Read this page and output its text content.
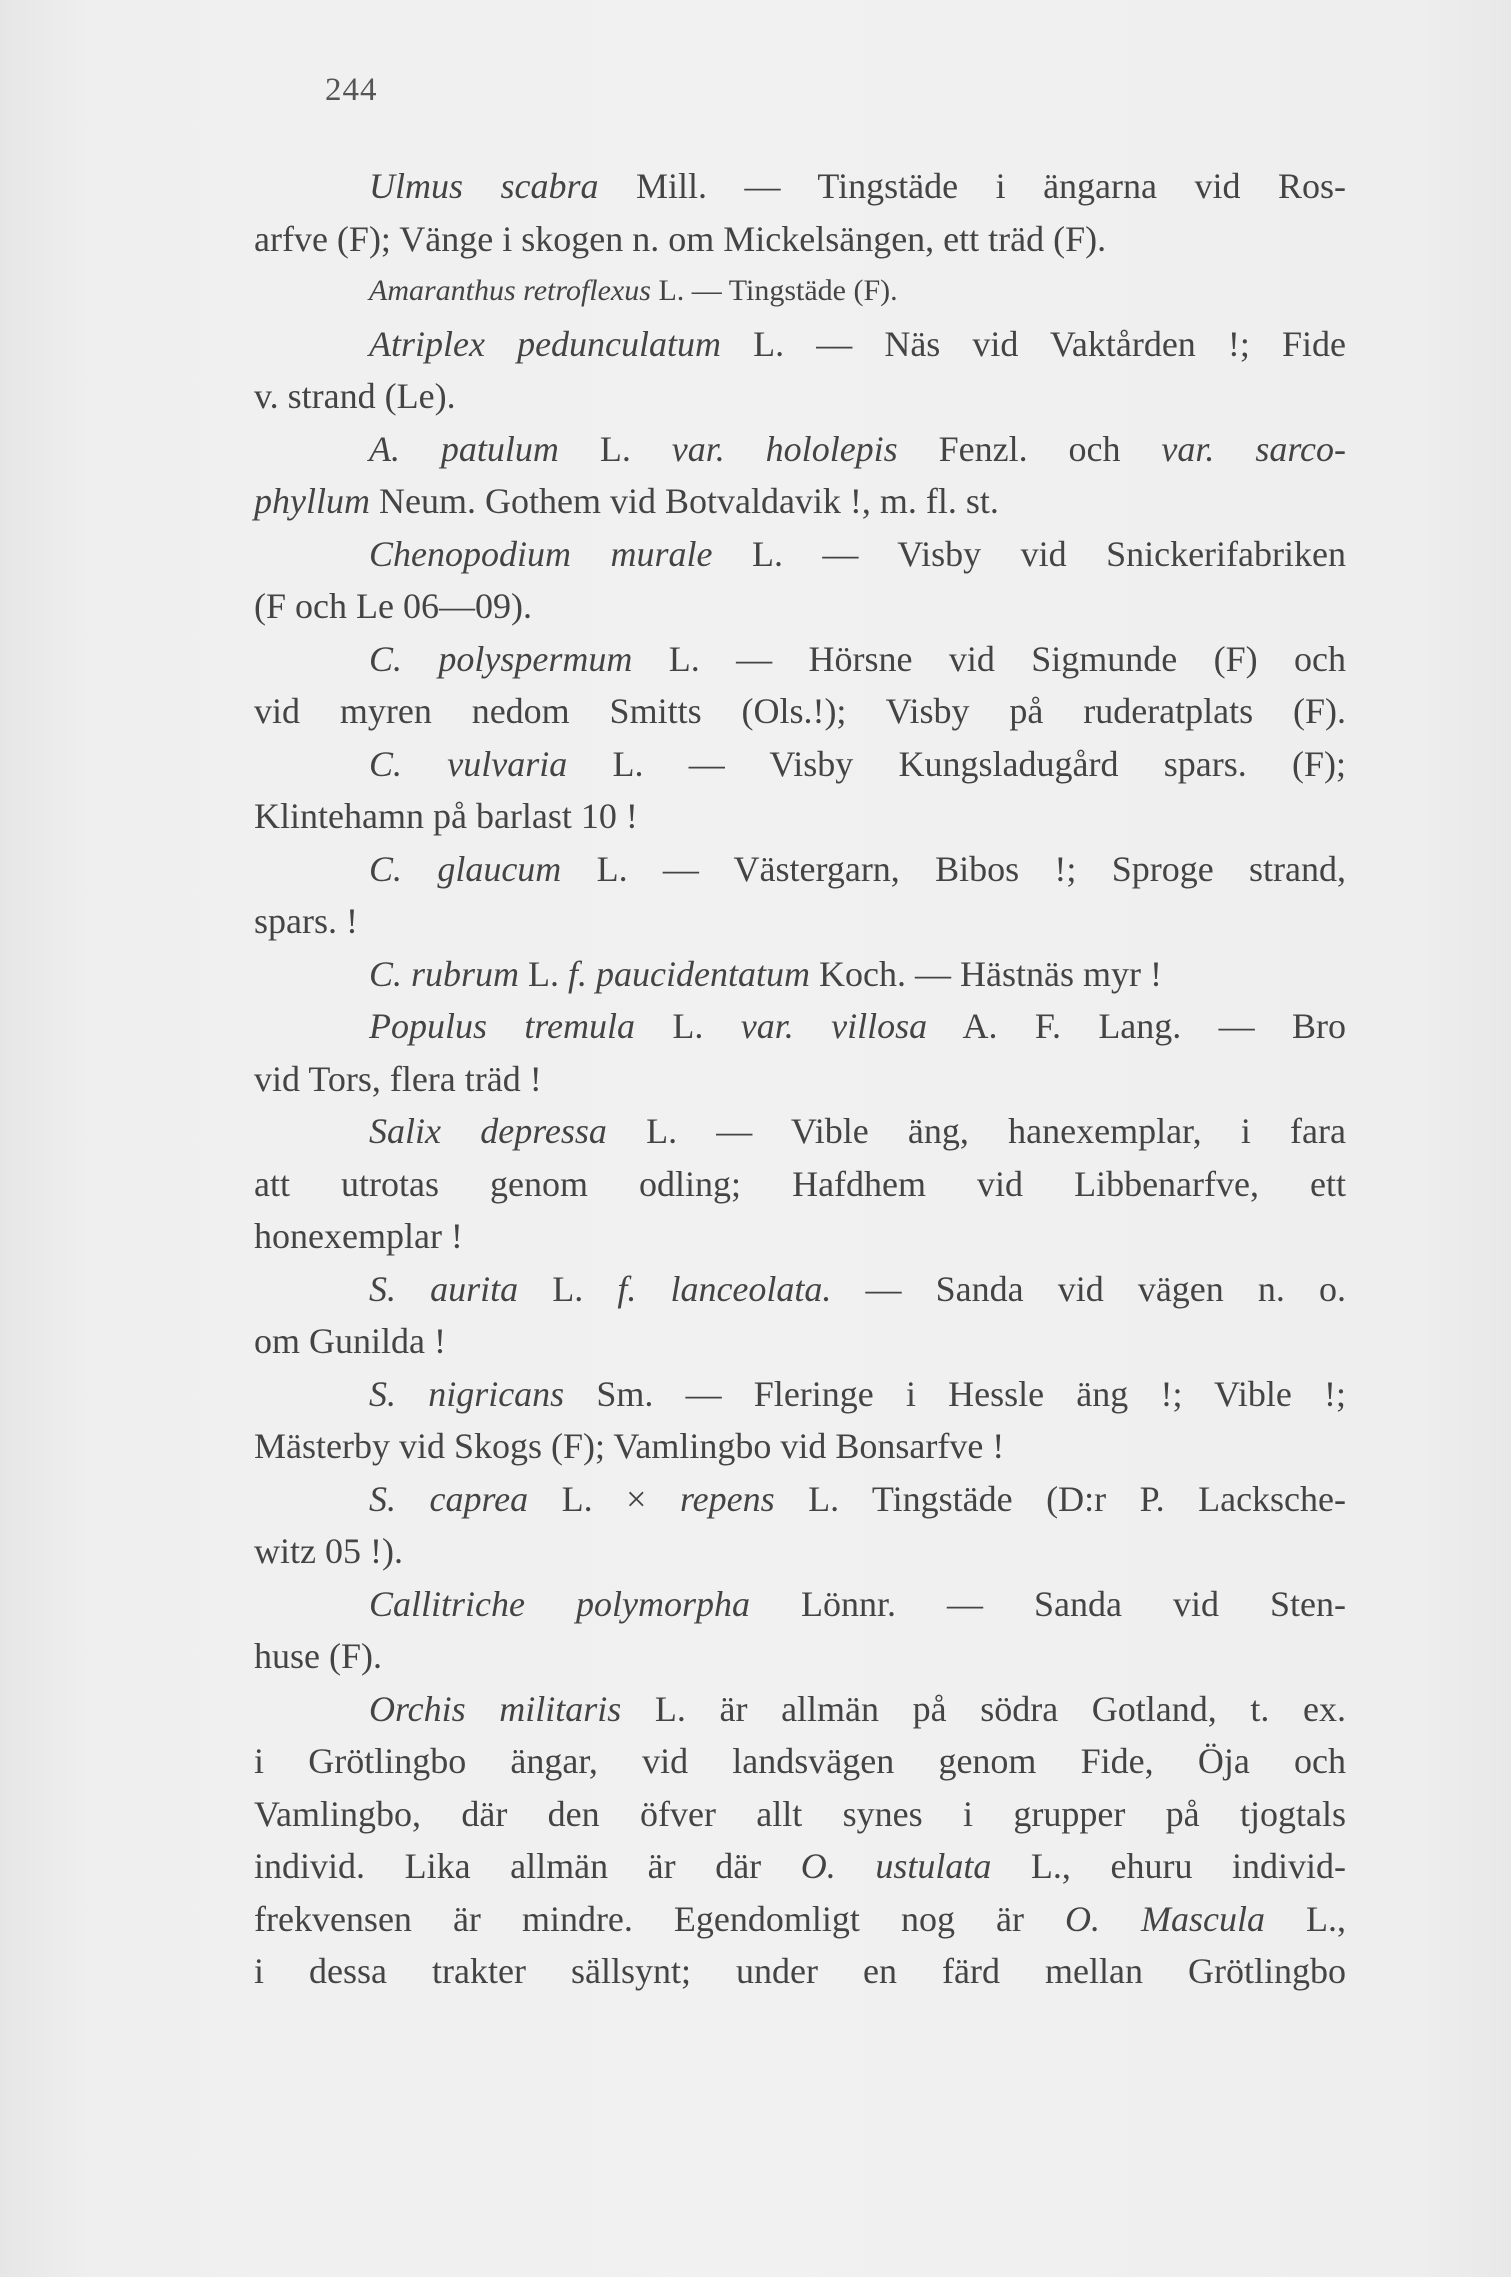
244
Ulmus scabra Mill. — Tingstäde i ängarna vid Ros-
arfve (F); Vänge i skogen n. om Mickelsängen, ett träd (F).
Amaranthus retroflexus L. — Tingstäde (F).
Atriplex pedunculatum L. — Näs vid Vaktården !; Fide
v. strand (Le).
A. patulum L. var. hololepis Fenzl. och var. sarco-
phyllum Neum. Gothem vid Botvaldavik !, m. fl. st.
Chenopodium murale L. — Visby vid Snickerifabriken
(F och Le 06—09).
C. polyspermum L. — Hörsne vid Sigmunde (F) och
vid myren nedom Smitts (Ols.!); Visby på ruderatplats (F).
C. vulvaria L. — Visby Kungsladugård spars. (F);
Klintehamn på barlast 10 !
C. glaucum L. — Västergarn, Bibos !; Sproge strand,
spars. !
C. rubrum L. f. paucidentatum Koch. — Hästnäs myr !
Populus tremula L. var. villosa A. F. Lang. — Bro
vid Tors, flera träd !
Salix depressa L. — Vible äng, hanexemplar, i fara
att utrotas genom odling; Hafdhem vid Libbenarfve, ett
honexemplar !
S. aurita L. f. lanceolata. — Sanda vid vägen n. o.
om Gunilda !
S. nigricans Sm. — Fleringe i Hessle äng !; Vible !;
Mästerby vid Skogs (F); Vamlingbo vid Bonsarfve !
S. caprea L. × repens L. Tingstäde (D:r P. Lacksche-
witz 05 !).
Callitriche polymorpha Lönnr. — Sanda vid Sten-
huse (F).
Orchis militaris L. är allmän på södra Gotland, t. ex.
i Grötlingbo ängar, vid landsvägen genom Fide, Öja och
Vamlingbo, där den öfver allt synes i grupper på tjogtals
individ. Lika allmän är där O. ustulata L., ehuru individ-
frekvensen är mindre. Egendomligt nog är O. Mascula L.,
i dessa trakter sällsynt; under en färd mellan Grötlingbo
